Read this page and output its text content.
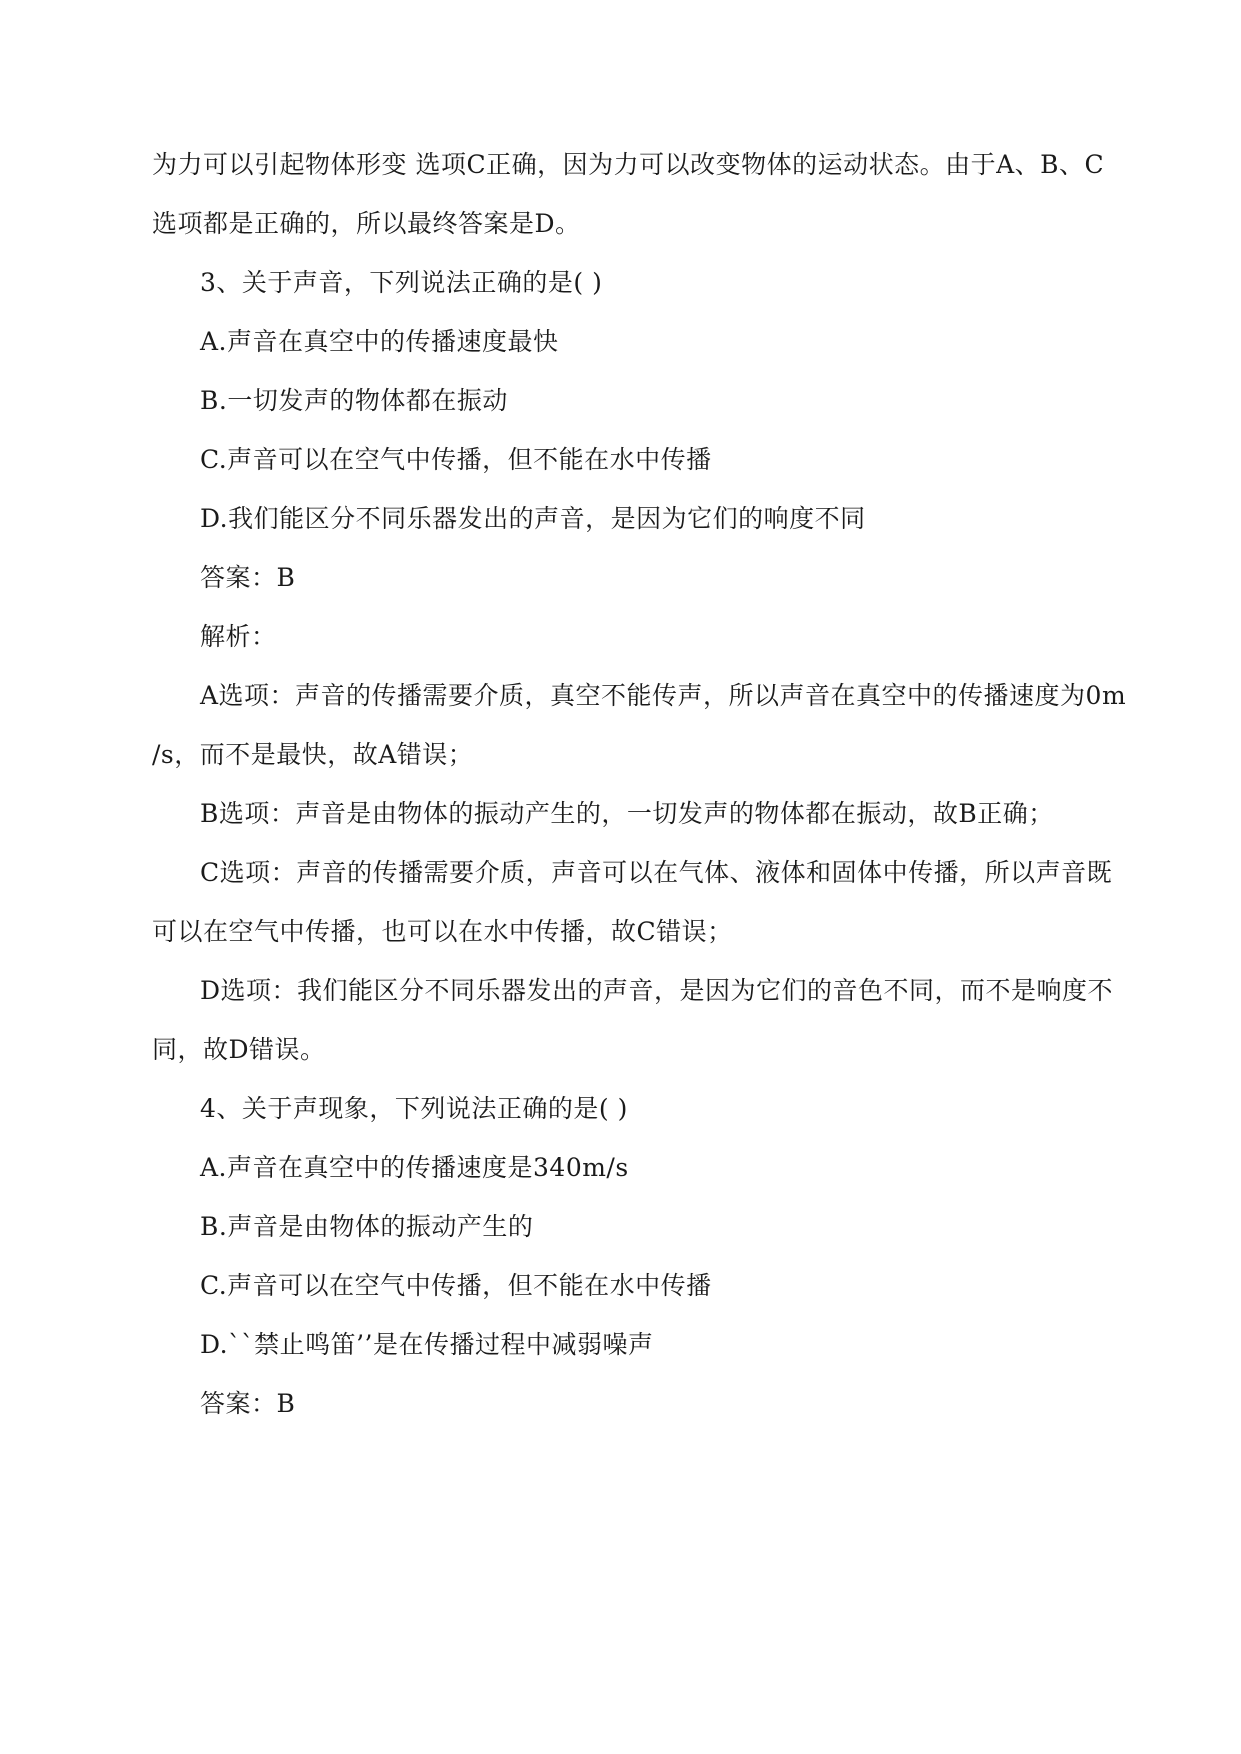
为力可以引起物体形变 选项C正确，因为力可以改变物体的运动状态。由于A、B、C
选项都是正确的，所以最终答案是D。
3、关于声音，下列说法正确的是( )
A.声音在真空中的传播速度最快
B.一切发声的物体都在振动
C.声音可以在空气中传播，但不能在水中传播
D.我们能区分不同乐器发出的声音，是因为它们的响度不同
答案：B
解析：
A选项：声音的传播需要介质，真空不能传声，所以声音在真空中的传播速度为0m
/s，而不是最快，故A错误；
B选项：声音是由物体的振动产生的，一切发声的物体都在振动，故B正确；
C选项：声音的传播需要介质，声音可以在气体、液体和固体中传播，所以声音既
可以在空气中传播，也可以在水中传播，故C错误；
D选项：我们能区分不同乐器发出的声音，是因为它们的音色不同，而不是响度不
同，故D错误。
4、关于声现象，下列说法正确的是( )
A.声音在真空中的传播速度是340m/s
B.声音是由物体的振动产生的
C.声音可以在空气中传播，但不能在水中传播
D.``禁止鸣笛’’是在传播过程中减弱噪声
答案：B
